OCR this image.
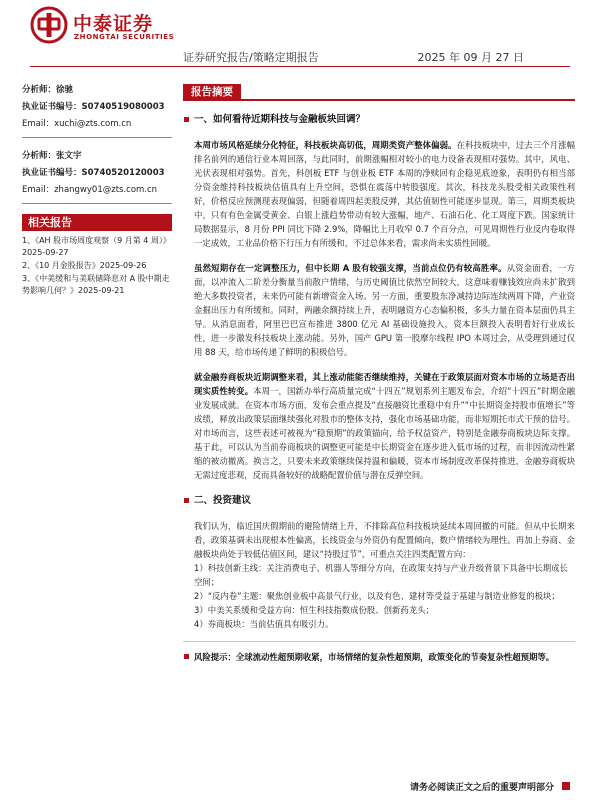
中泰证券
ZHONGTAI SECURITIES
证券研究报告/策略定期报告	2025 年 09 月 27 日
分析师：徐驰
执业证书编号：S0740519080003
Email：xuchi@zts.com.cn
分析师：张文宇
执业证书编号：S0740520120003
Email：zhangwy01@zts.com.cn
相关报告
1、《AH 股市场周度观察（9 月第 4 周）》2025-09-27
2、《10 月金股报告》2025-09-26
3、《中美缓和与美联储降息对 A 股中期走势影响几何？》2025-09-21
报告摘要
一、如何看待近期科技与金融板块回调？
本周市场风格延续分化特征，科技板块高切低，周期类资产整体偏弱。在科技板块中，过去三个月涨幅排名前列的通信行业本周回落，与此同时，前期涨幅相对较小的电力设备表现相对强势。其中，风电、光伏表现相对强势。首先，科创板 ETF 与创业板 ETF 本周的净赎回有企稳见底迹象，表明仍有相当部分资金维持科技板块估值具有上升空间，恐惧在震荡中转股强度。其次，科技龙头股受相关政策性利好，价格反应预测现表现偏弱，但随着周四起美股反弹，其估值韧性可能逐步显现。第三，周期类板块中，只有有色金属受黄金、白银上涨趋势带动有较大涨幅，地产、石油石化、化工周度下跌。国家统计局数据显示，8 月份 PPI 同比下降 2.9%，降幅比上月收窄 0.7 个百分点，可见周期性行业反内卷取得一定成效，工业品价格下行压力有所缓和，不过总体来看，需求尚未实质性回暖。
虽然短期存在一定调整压力，但中长期 A 股有较强支撑，当前点位仍有较高胜率。从资金面看，一方面，以冲流入二阶差分衡量当前散户情绪，与历史阈值比依然空间较大，这意味着赚钱效应尚未扩散到绝大多数投资者，未来仍可能有新增资金入场。另一方面，重要股东净减持边际连续两周下降，产业资金掘出压力有所缓和。同时，两融余额持续上升，表明融资方心态偏积极，多头力量在资本层面仍具主导。从消息面看，阿里巴巴宣布推进 3800 亿元 AI 基础设施投入，资本巨额投入表明看好行业成长性，进一步激发科技板块上涨动能。另外，国产 GPU 第一股摩尔线程 IPO 本周过会，从受理到通过仅用 88 天，给市场传递了鲜明的积极信号。
就金融券商板块近期调整来看，其上涨动能能否继续维持，关键在于政策层面对资本市场的立场是否出现实质性转变。本周一，国新办举行高质量完成“十四五”规划系列主题发布会，介绍“十四五”时期金融业发展成就。在资本市场方面，发布会重点提及“直接融资比重稳中有升”“中长期资金持股市值增长”等成绩，释放出政策层面继续强化对股市的整体支持，强化市场基础功能，而非短期托市式干预的信号。对市场而言，这些表述可被视为“稳预期”的政策锚向，给予权益资产，特别是金融券商板块边际支撑。基于此，可以认为当前券商板块的调整更可能是中长期资金在逐步进入低市场的过程，而非因流动性紧缩的被动撤离。换言之，只要未来政策继续保持温和偏暖，资本市场制度改革保持推进，金融券商板块无需过度悲观，反而具备较好的战略配置价值与潜在反弹空间。
二、投资建议
我们认为，临近国庆假期前的避险情绪上升，不排除高位科技板块延续本周回撤的可能。但从中长期来看，政策基调未出现根本性偏离，长线资金与外资仍有配置倾向，数户情绪较为理性。再加上券商、金融板块尚处于较低估值区间，建议“持股过节”，可重点关注四类配置方向：
1）科技创新主线：关注消费电子、机器人等细分方向，在政策支持与产业升级背景下具备中长期成长空间；
2）“反内卷”主题：聚焦创业板中高景气行业，以及有色、建材等受益于基建与制造业修复的板块；
3）中美关系缓和受益方向：恒生科技指数成份股、创新药龙头；
4）券商板块：当前估值具有吸引力。
风险提示：全球流动性超预期收紧，市场情绪的复杂性超预期，政策变化的节奏复杂性超预期等。
请务必阅读正文之后的重要声明部分
